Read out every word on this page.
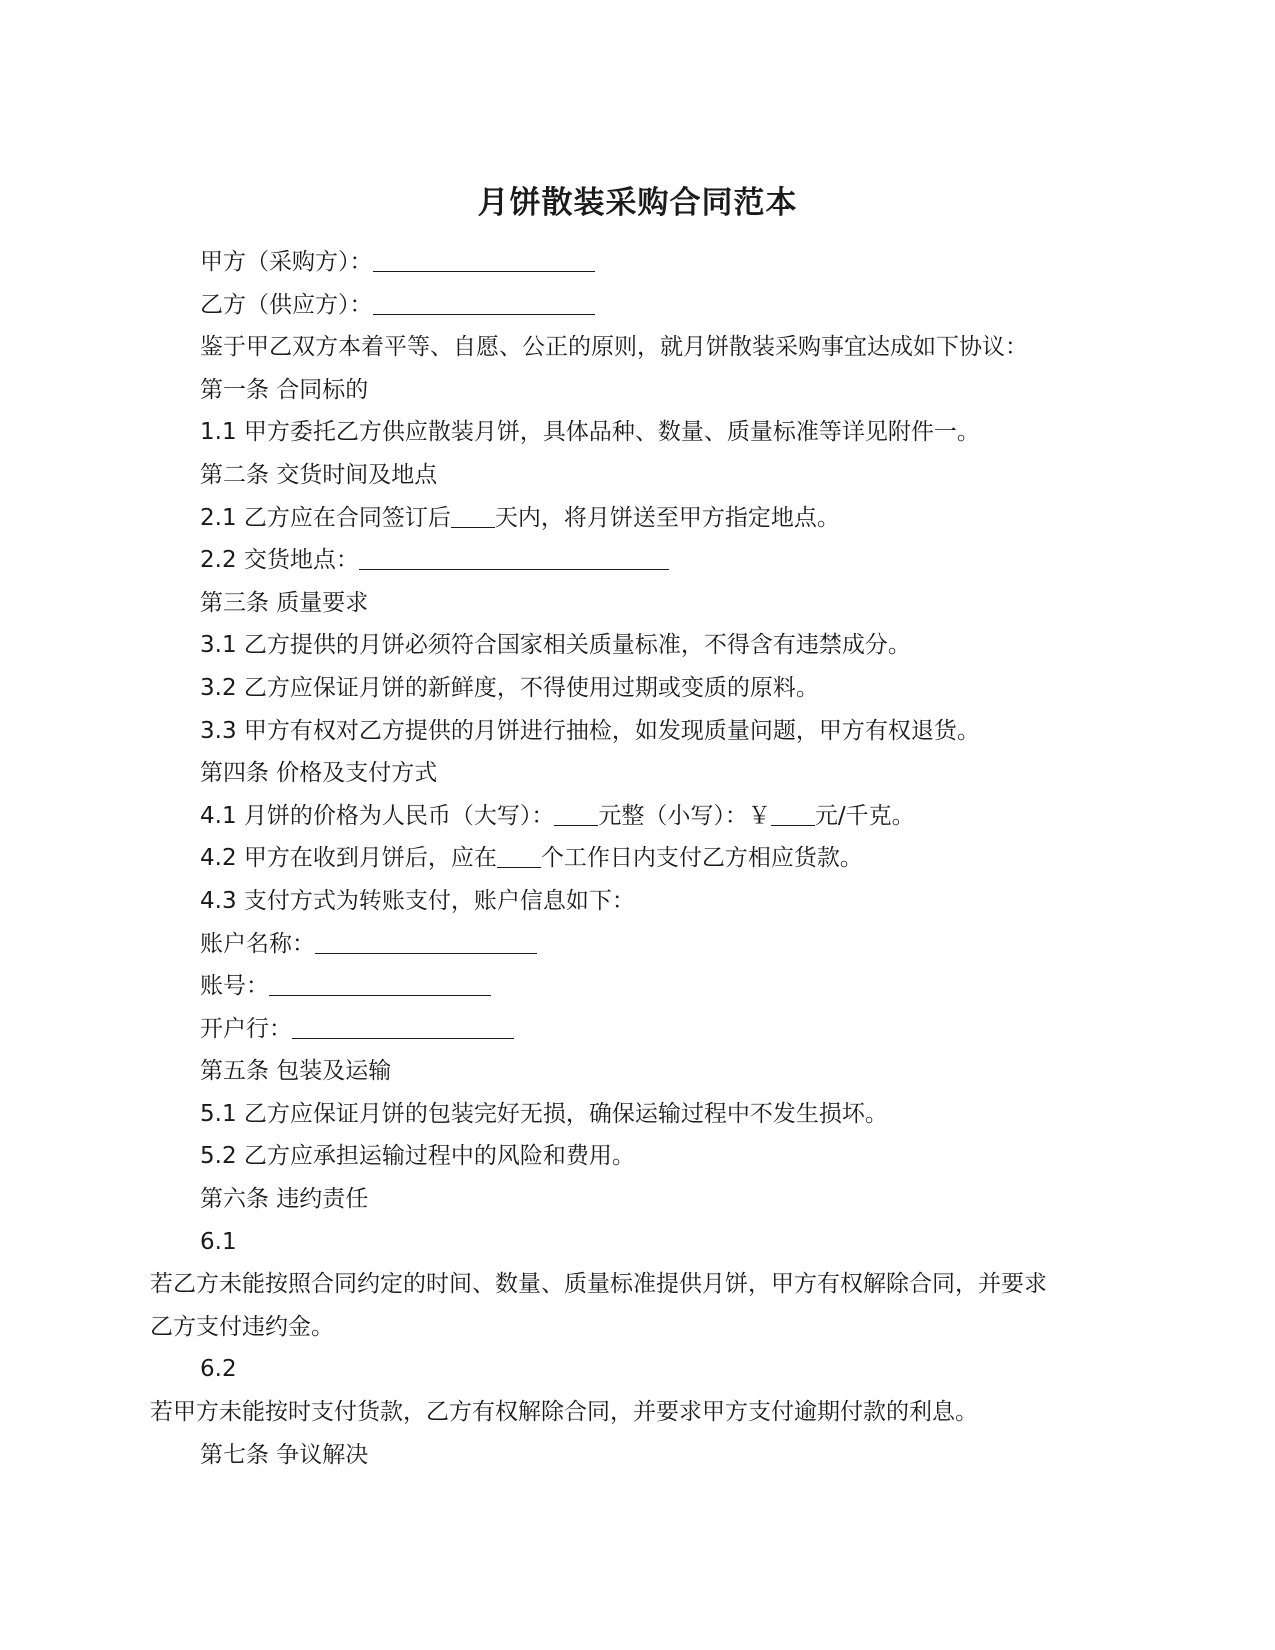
月饼散装采购合同范本
甲方（采购方）：
乙方（供应方）：
鉴于甲乙双方本着平等、自愿、公正的原则，就月饼散装采购事宜达成如下协议：
第一条 合同标的
1.1 甲方委托乙方供应散装月饼，具体品种、数量、质量标准等详见附件一。
第二条 交货时间及地点
2.1 乙方应在合同签订后 天内，将月饼送至甲方指定地点。
2.2 交货地点：
第三条 质量要求
3.1 乙方提供的月饼必须符合国家相关质量标准，不得含有违禁成分。
3.2 乙方应保证月饼的新鲜度，不得使用过期或变质的原料。
3.3 甲方有权对乙方提供的月饼进行抽检，如发现质量问题，甲方有权退货。
第四条 价格及支付方式
4.1 月饼的价格为人民币（大写）： 元整（小写）：￥ 元/千克。
4.2 甲方在收到月饼后，应在 个工作日内支付乙方相应货款。
4.3 支付方式为转账支付，账户信息如下：
账户名称：
账号：
开户行：
第五条 包装及运输
5.1 乙方应保证月饼的包装完好无损，确保运输过程中不发生损坏。
5.2 乙方应承担运输过程中的风险和费用。
第六条 违约责任
6.1
若乙方未能按照合同约定的时间、数量、质量标准提供月饼，甲方有权解除合同，并要求
乙方支付违约金。
6.2
若甲方未能按时支付货款，乙方有权解除合同，并要求甲方支付逾期付款的利息。
第七条 争议解决
